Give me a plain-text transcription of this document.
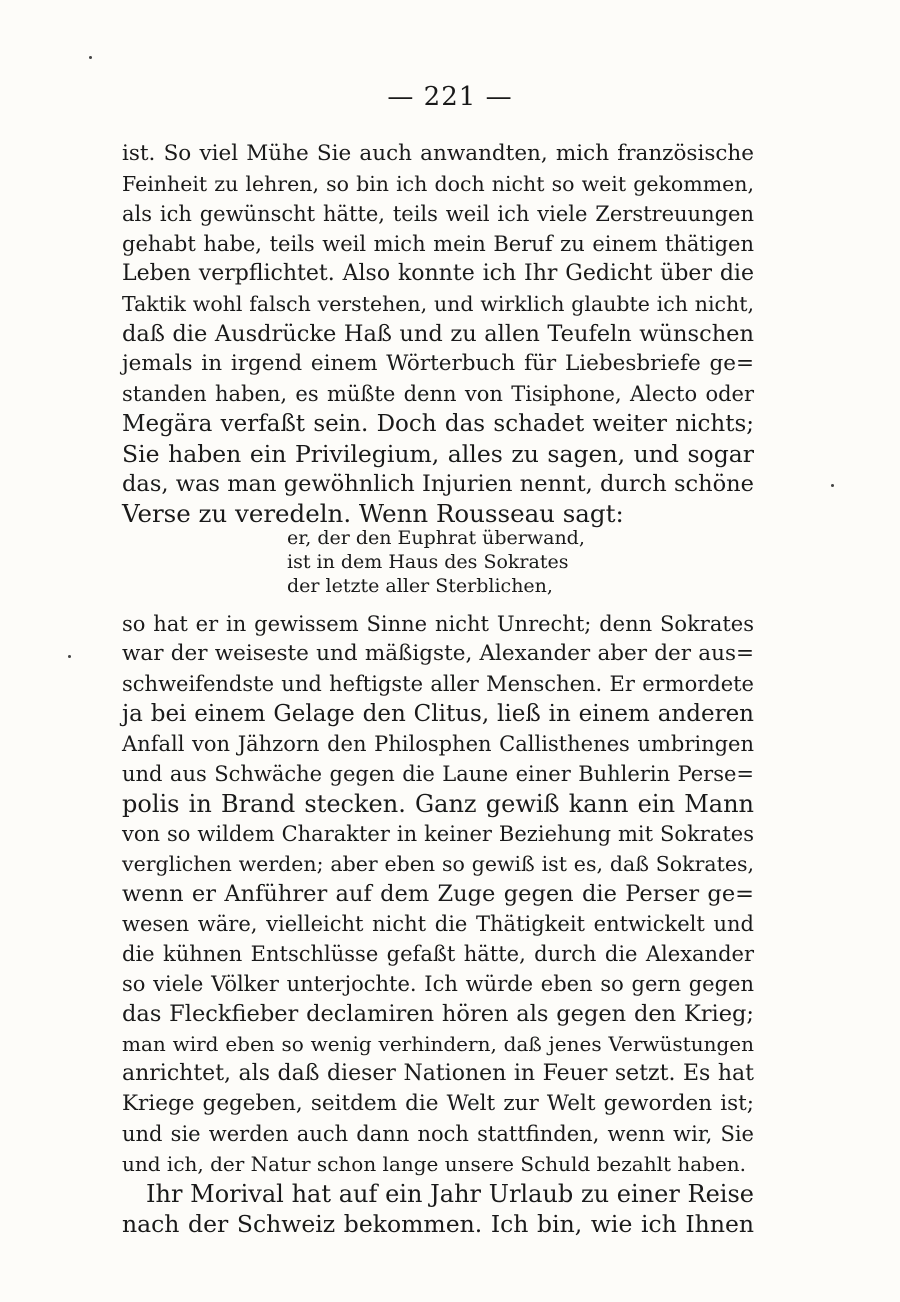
— 221 —
ist. So viel Mühe Sie auch anwandten, mich französische
Feinheit zu lehren, so bin ich doch nicht so weit gekommen,
als ich gewünscht hätte, teils weil ich viele Zerstreuungen
gehabt habe, teils weil mich mein Beruf zu einem thätigen
Leben verpflichtet. Also konnte ich Ihr Gedicht über die
Taktik wohl falsch verstehen, und wirklich glaubte ich nicht,
daß die Ausdrücke Haß und zu allen Teufeln wünschen
jemals in irgend einem Wörterbuch für Liebesbriefe ge=
standen haben, es müßte denn von Tisiphone, Alecto oder
Megära verfaßt sein. Doch das schadet weiter nichts;
Sie haben ein Privilegium, alles zu sagen, und sogar
das, was man gewöhnlich Injurien nennt, durch schöne
Verse zu veredeln. Wenn Rousseau sagt:
er, der den Euphrat überwand,
ist in dem Haus des Sokrates
der letzte aller Sterblichen,
so hat er in gewissem Sinne nicht Unrecht; denn Sokrates
war der weiseste und mäßigste, Alexander aber der aus=
schweifendste und heftigste aller Menschen. Er ermordete
ja bei einem Gelage den Clitus, ließ in einem anderen
Anfall von Jähzorn den Philosphen Callisthenes umbringen
und aus Schwäche gegen die Laune einer Buhlerin Perse=
polis in Brand stecken. Ganz gewiß kann ein Mann
von so wildem Charakter in keiner Beziehung mit Sokrates
verglichen werden; aber eben so gewiß ist es, daß Sokrates,
wenn er Anführer auf dem Zuge gegen die Perser ge=
wesen wäre, vielleicht nicht die Thätigkeit entwickelt und
die kühnen Entschlüsse gefaßt hätte, durch die Alexander
so viele Völker unterjochte. Ich würde eben so gern gegen
das Fleckfieber declamiren hören als gegen den Krieg;
man wird eben so wenig verhindern, daß jenes Verwüstungen
anrichtet, als daß dieser Nationen in Feuer setzt. Es hat
Kriege gegeben, seitdem die Welt zur Welt geworden ist;
und sie werden auch dann noch stattfinden, wenn wir, Sie
und ich, der Natur schon lange unsere Schuld bezahlt haben.
Ihr Morival hat auf ein Jahr Urlaub zu einer Reise
nach der Schweiz bekommen. Ich bin, wie ich Ihnen
